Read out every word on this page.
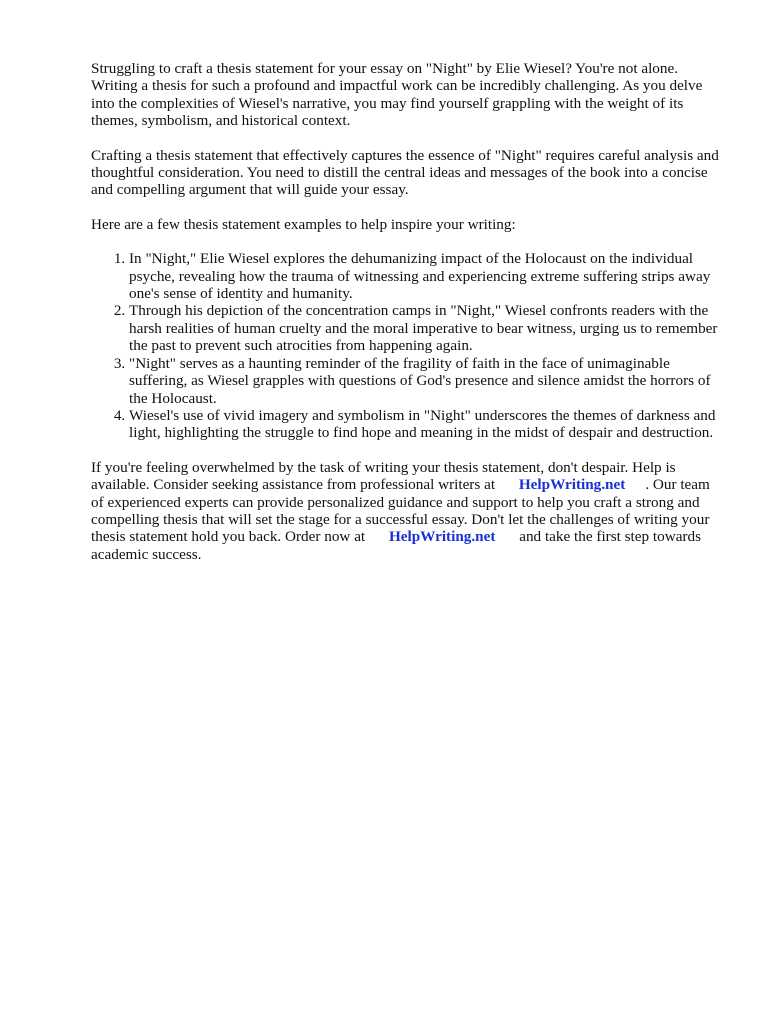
Struggling to craft a thesis statement for your essay on "Night" by Elie Wiesel? You're not alone. Writing a thesis for such a profound and impactful work can be incredibly challenging. As you delve into the complexities of Wiesel's narrative, you may find yourself grappling with the weight of its themes, symbolism, and historical context.

Crafting a thesis statement that effectively captures the essence of "Night" requires careful analysis and thoughtful consideration. You need to distill the central ideas and messages of the book into a concise and compelling argument that will guide your essay.

Here are a few thesis statement examples to help inspire your writing:

1. In "Night," Elie Wiesel explores the dehumanizing impact of the Holocaust on the individual psyche, revealing how the trauma of witnessing and experiencing extreme suffering strips away one's sense of identity and humanity.
2. Through his depiction of the concentration camps in "Night," Wiesel confronts readers with the harsh realities of human cruelty and the moral imperative to bear witness, urging us to remember the past to prevent such atrocities from happening again.
3. "Night" serves as a haunting reminder of the fragility of faith in the face of unimaginable suffering, as Wiesel grapples with questions of God's presence and silence amidst the horrors of the Holocaust.
4. Wiesel's use of vivid imagery and symbolism in "Night" underscores the themes of darkness and light, highlighting the struggle to find hope and meaning in the midst of despair and destruction.

If you're feeling overwhelmed by the task of writing your thesis statement, don't despair. Help is available. Consider seeking assistance from professional writers at HelpWriting.net . Our team of experienced experts can provide personalized guidance and support to help you craft a strong and compelling thesis that will set the stage for a successful essay. Don't let the challenges of writing your thesis statement hold you back. Order now at HelpWriting.net and take the first step towards academic success.
